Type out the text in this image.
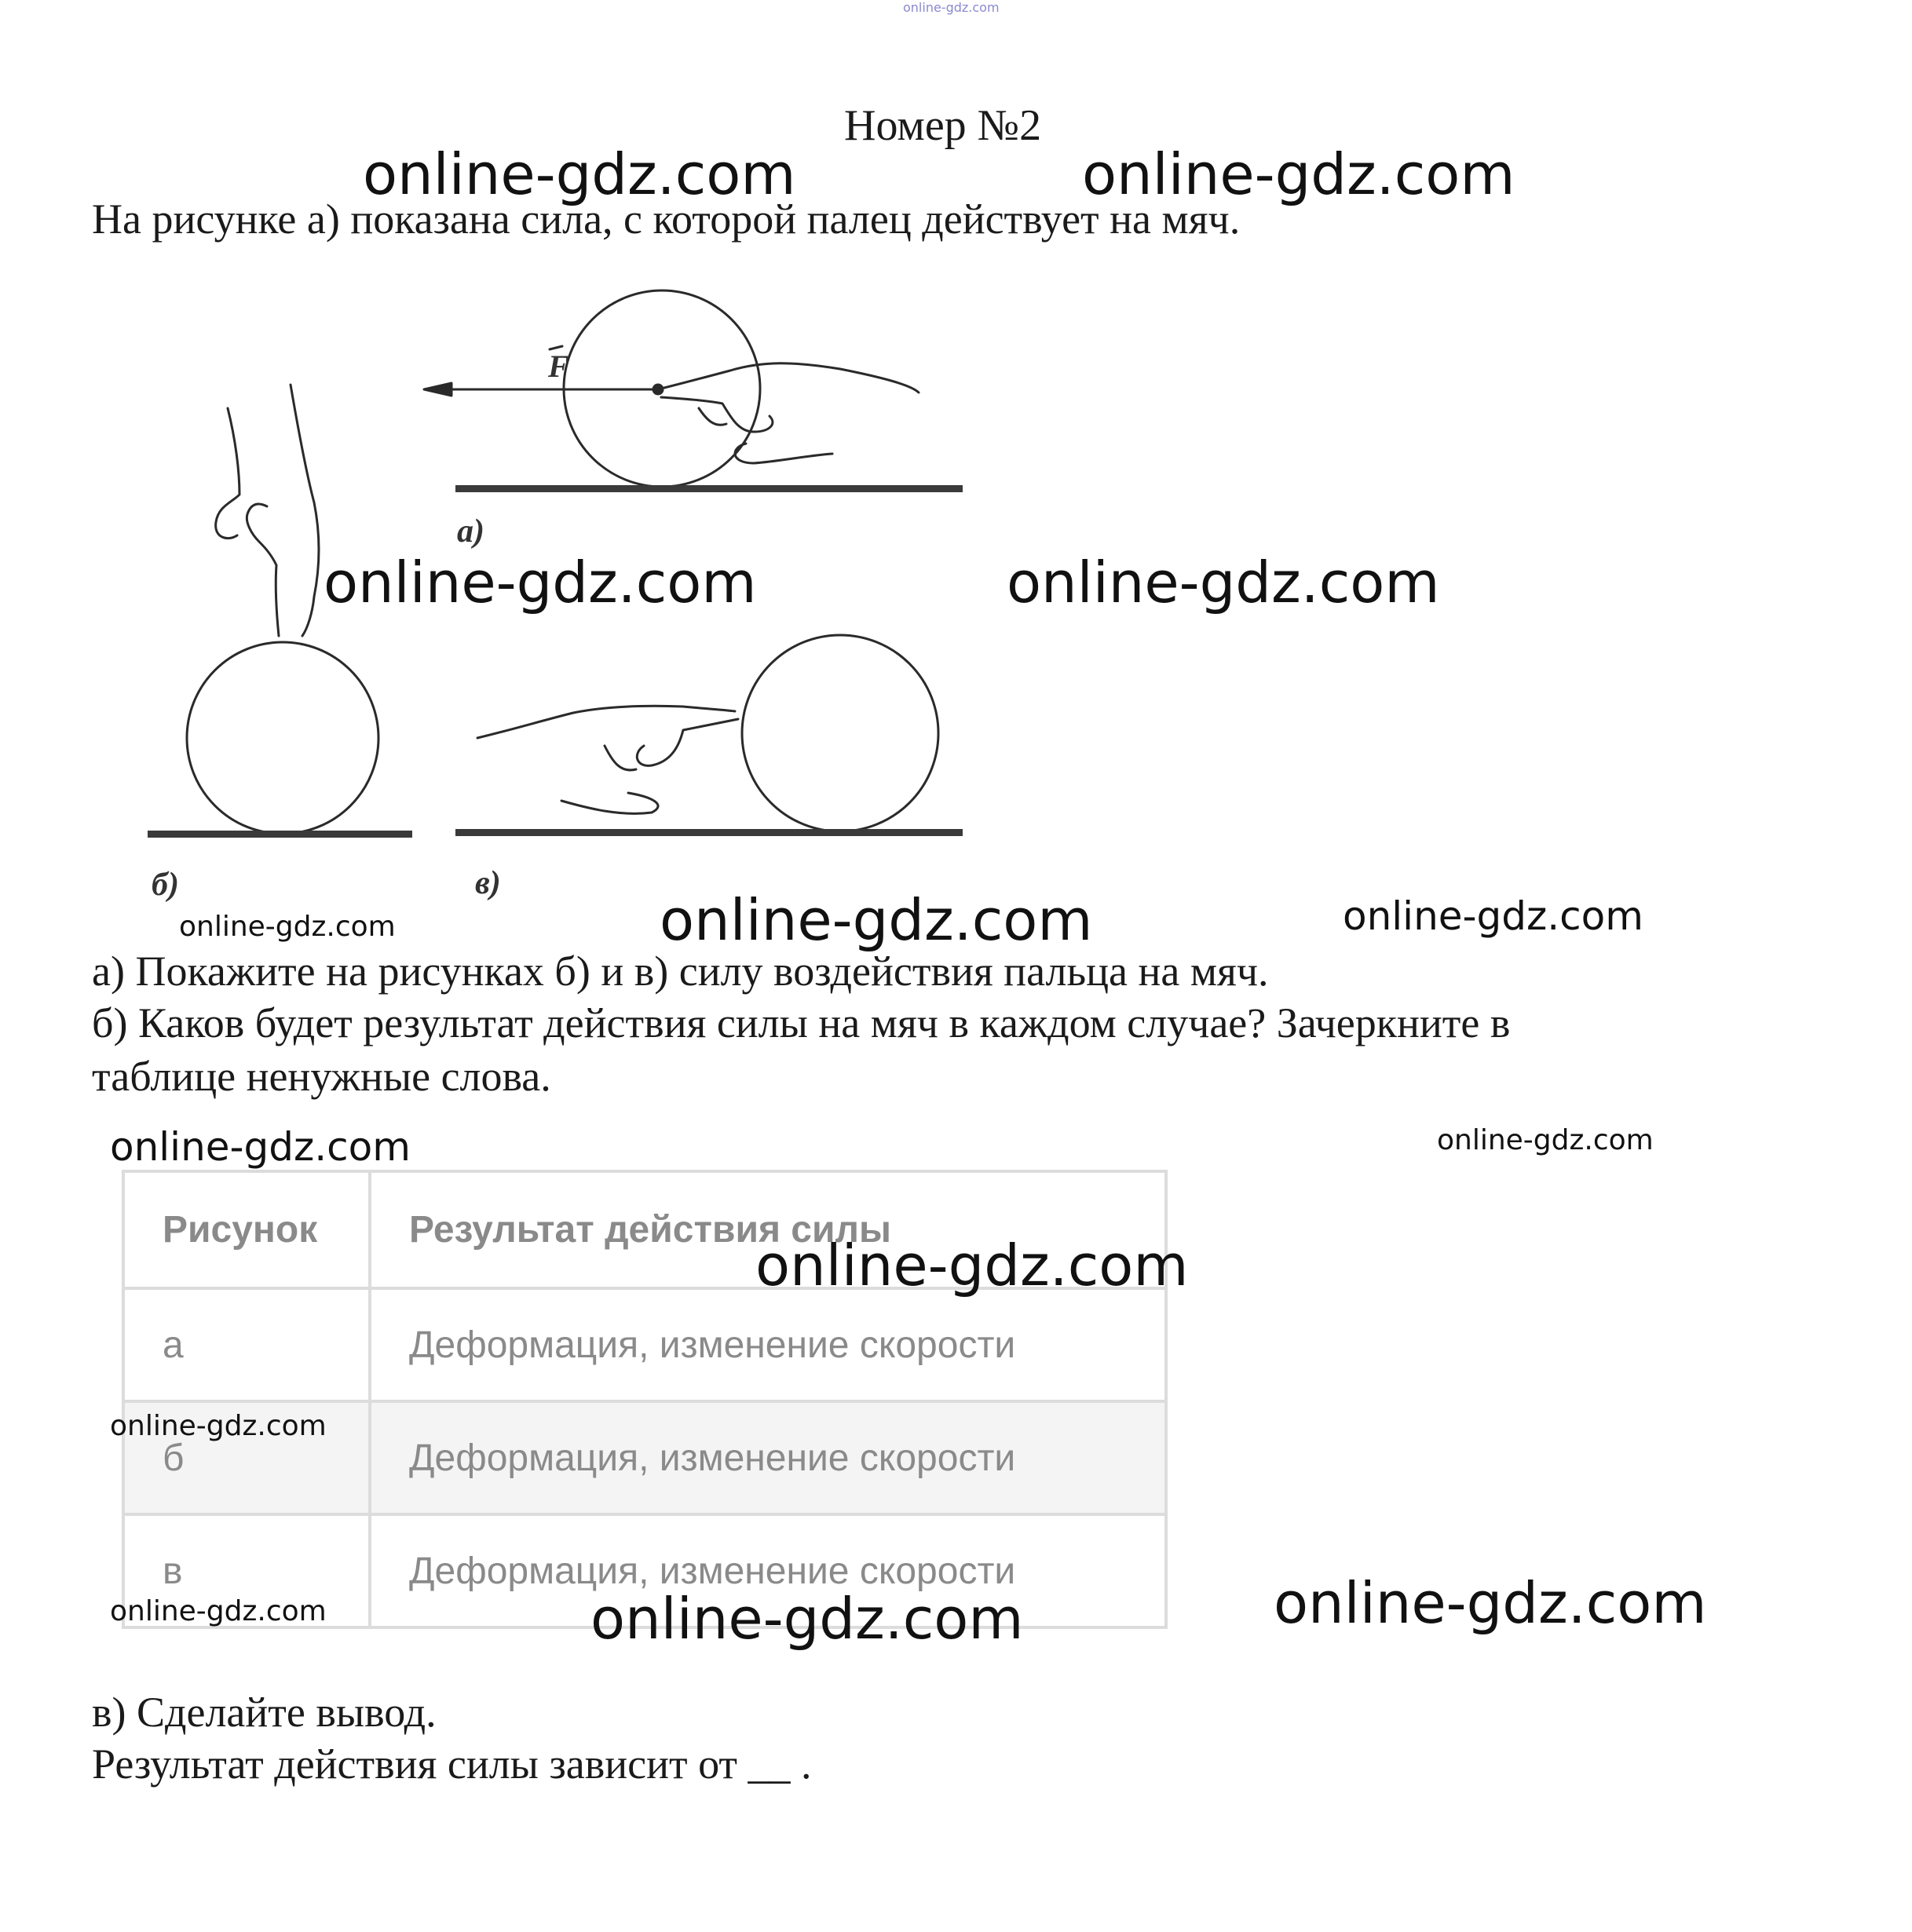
online-gdz.com
Номер №2
На рисунке а) показана сила, с которой палец действует на мяч.
F
а)
б)	в)
а) Покажите на рисунках б) и в) силу воздействия пальца на мяч.
б) Каков будет результат действия силы на мяч в каждом случае? Зачеркните в
таблице ненужные слова.
Рисунок	Результат действия силы
а	Деформация, изменение скорости
б	Деформация, изменение скорости
в	Деформация, изменение скорости
в) Сделайте вывод.
Результат действия силы зависит от __ .
online-gdz.com	online-gdz.com
online-gdz.com	online-gdz.com
online-gdz.com	online-gdz.com	online-gdz.com
online-gdz.com	online-gdz.com
online-gdz.com
online-gdz.com
online-gdz.com	online-gdz.com	online-gdz.com
